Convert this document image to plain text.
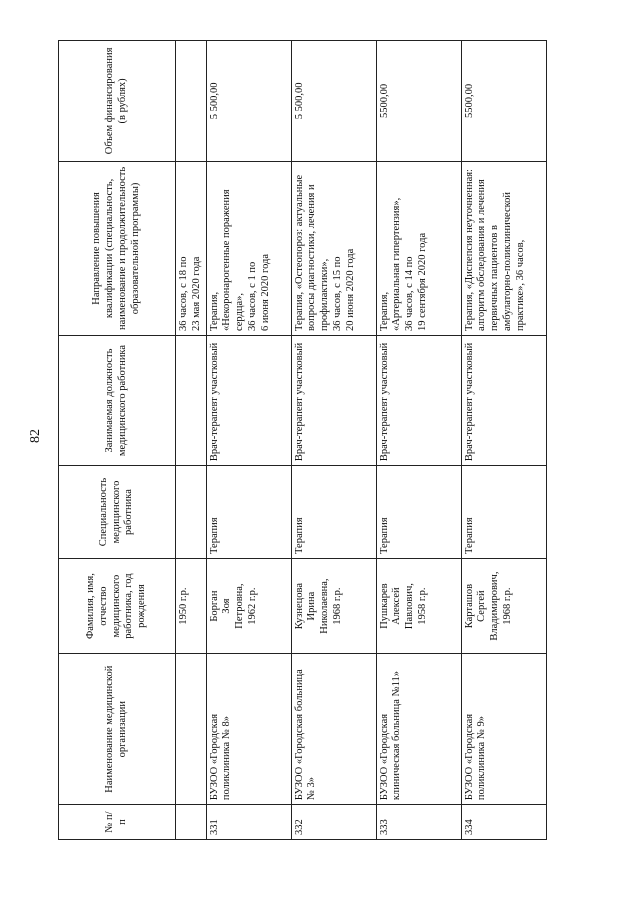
82
№ п/п	Наименование медицинской организации	Фамилия, имя, отчество медицинского работника, год рождения	Специальность медицинского работника	Занимаемая должность медицинского работника	Направление повышения квалификации (специальность, наименование и продолжительность образовательной программы)	Объем финансирования (в рублях)
		1950 г.р.			36 часов, с 18 по 23 мая 2020 года	

331	БУЗОО «Городская поликлиника № 8»	Борган Зоя Петровна, 1962 г.р.	Терапия	Врач-терапевт участковый	Терапия, «Некоронарогенные поражения сердца», 36 часов, с 1 по 6 июня 2020 года	5 500,00
332	БУЗОО «Городская больница № 3»	Кузнецова Ирина Николаевна, 1968 г.р.	Терапия	Врач-терапевт участковый	Терапия, «Остеопороз: актуальные вопросы диагностики, лечения и профилактики», 36 часов, с 15 по 20 июня 2020 года	5 500,00
333	БУЗОО «Городская клиническая больница №11»	Пушкарев Алексей Павлович, 1958 г.р.	Терапия	Врач-терапевт участковый	Терапия, «Артериальная гипертензия», 36 часов, с 14 по 19 сентября 2020 года	5500,00
334	БУЗОО «Городская поликлиника № 9»	Карташов Сергей Владимирович, 1968 г.р.	Терапия	Врач-терапевт участковый	Терапия, «Диспепсия неуточненная: алгоритм обследования и лечения первичных пациентов в амбулаторно-поликлинической практике», 36 часов,	5500,00
